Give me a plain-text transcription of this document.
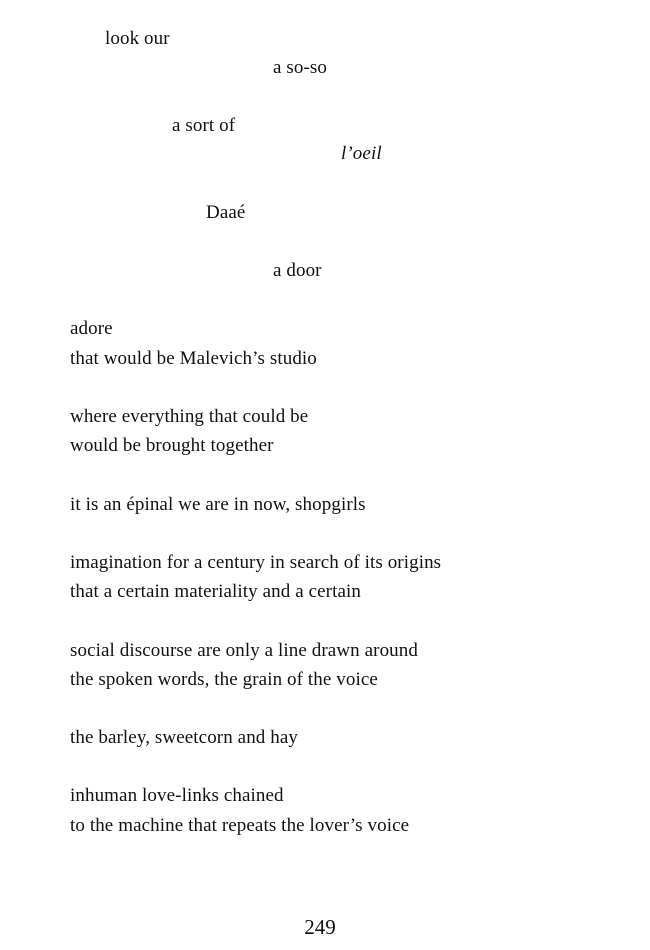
look our
a so-so
a sort of
l’oeil
Daaé
a door
adore
that would be Malevich’s studio
where everything that could be
would be brought together
it is an épinal we are in now, shopgirls
imagination for a century in search of its origins
that a certain materiality and a certain
social discourse are only a line drawn around
the spoken words, the grain of the voice
the barley, sweetcorn and hay
inhuman love-links chained
to the machine that repeats the lover’s voice
249
